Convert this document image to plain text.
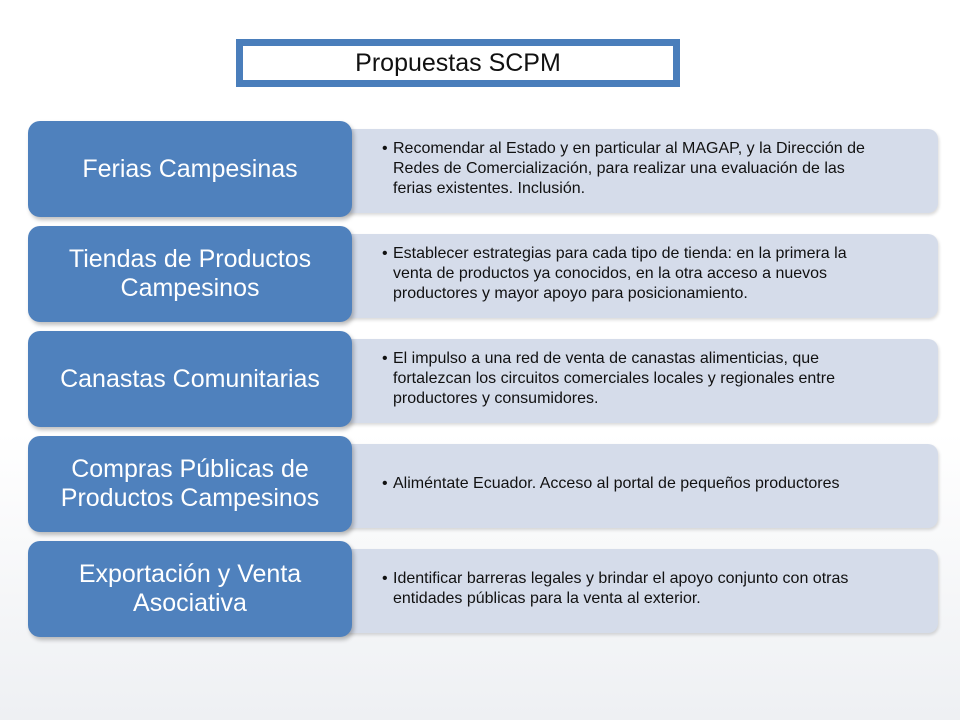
Propuestas SCPM
• Recomendar al Estado y en particular al MAGAP, y la Dirección de Redes de Comercialización, para realizar una evaluación de las ferias existentes. Inclusión.
Ferias Campesinas
• Establecer estrategias para cada tipo de tienda: en la primera la venta de productos ya conocidos, en la otra acceso a nuevos productores y mayor apoyo para posicionamiento.
Tiendas de Productos Campesinos
• El impulso a una red de venta de canastas alimenticias, que fortalezcan los circuitos comerciales locales y regionales entre productores y consumidores.
Canastas Comunitarias
• Aliméntate Ecuador. Acceso al portal de pequeños productores
Compras Públicas de Productos Campesinos
• Identificar barreras legales y brindar el apoyo conjunto con otras entidades públicas para la venta al exterior.
Exportación y Venta Asociativa
